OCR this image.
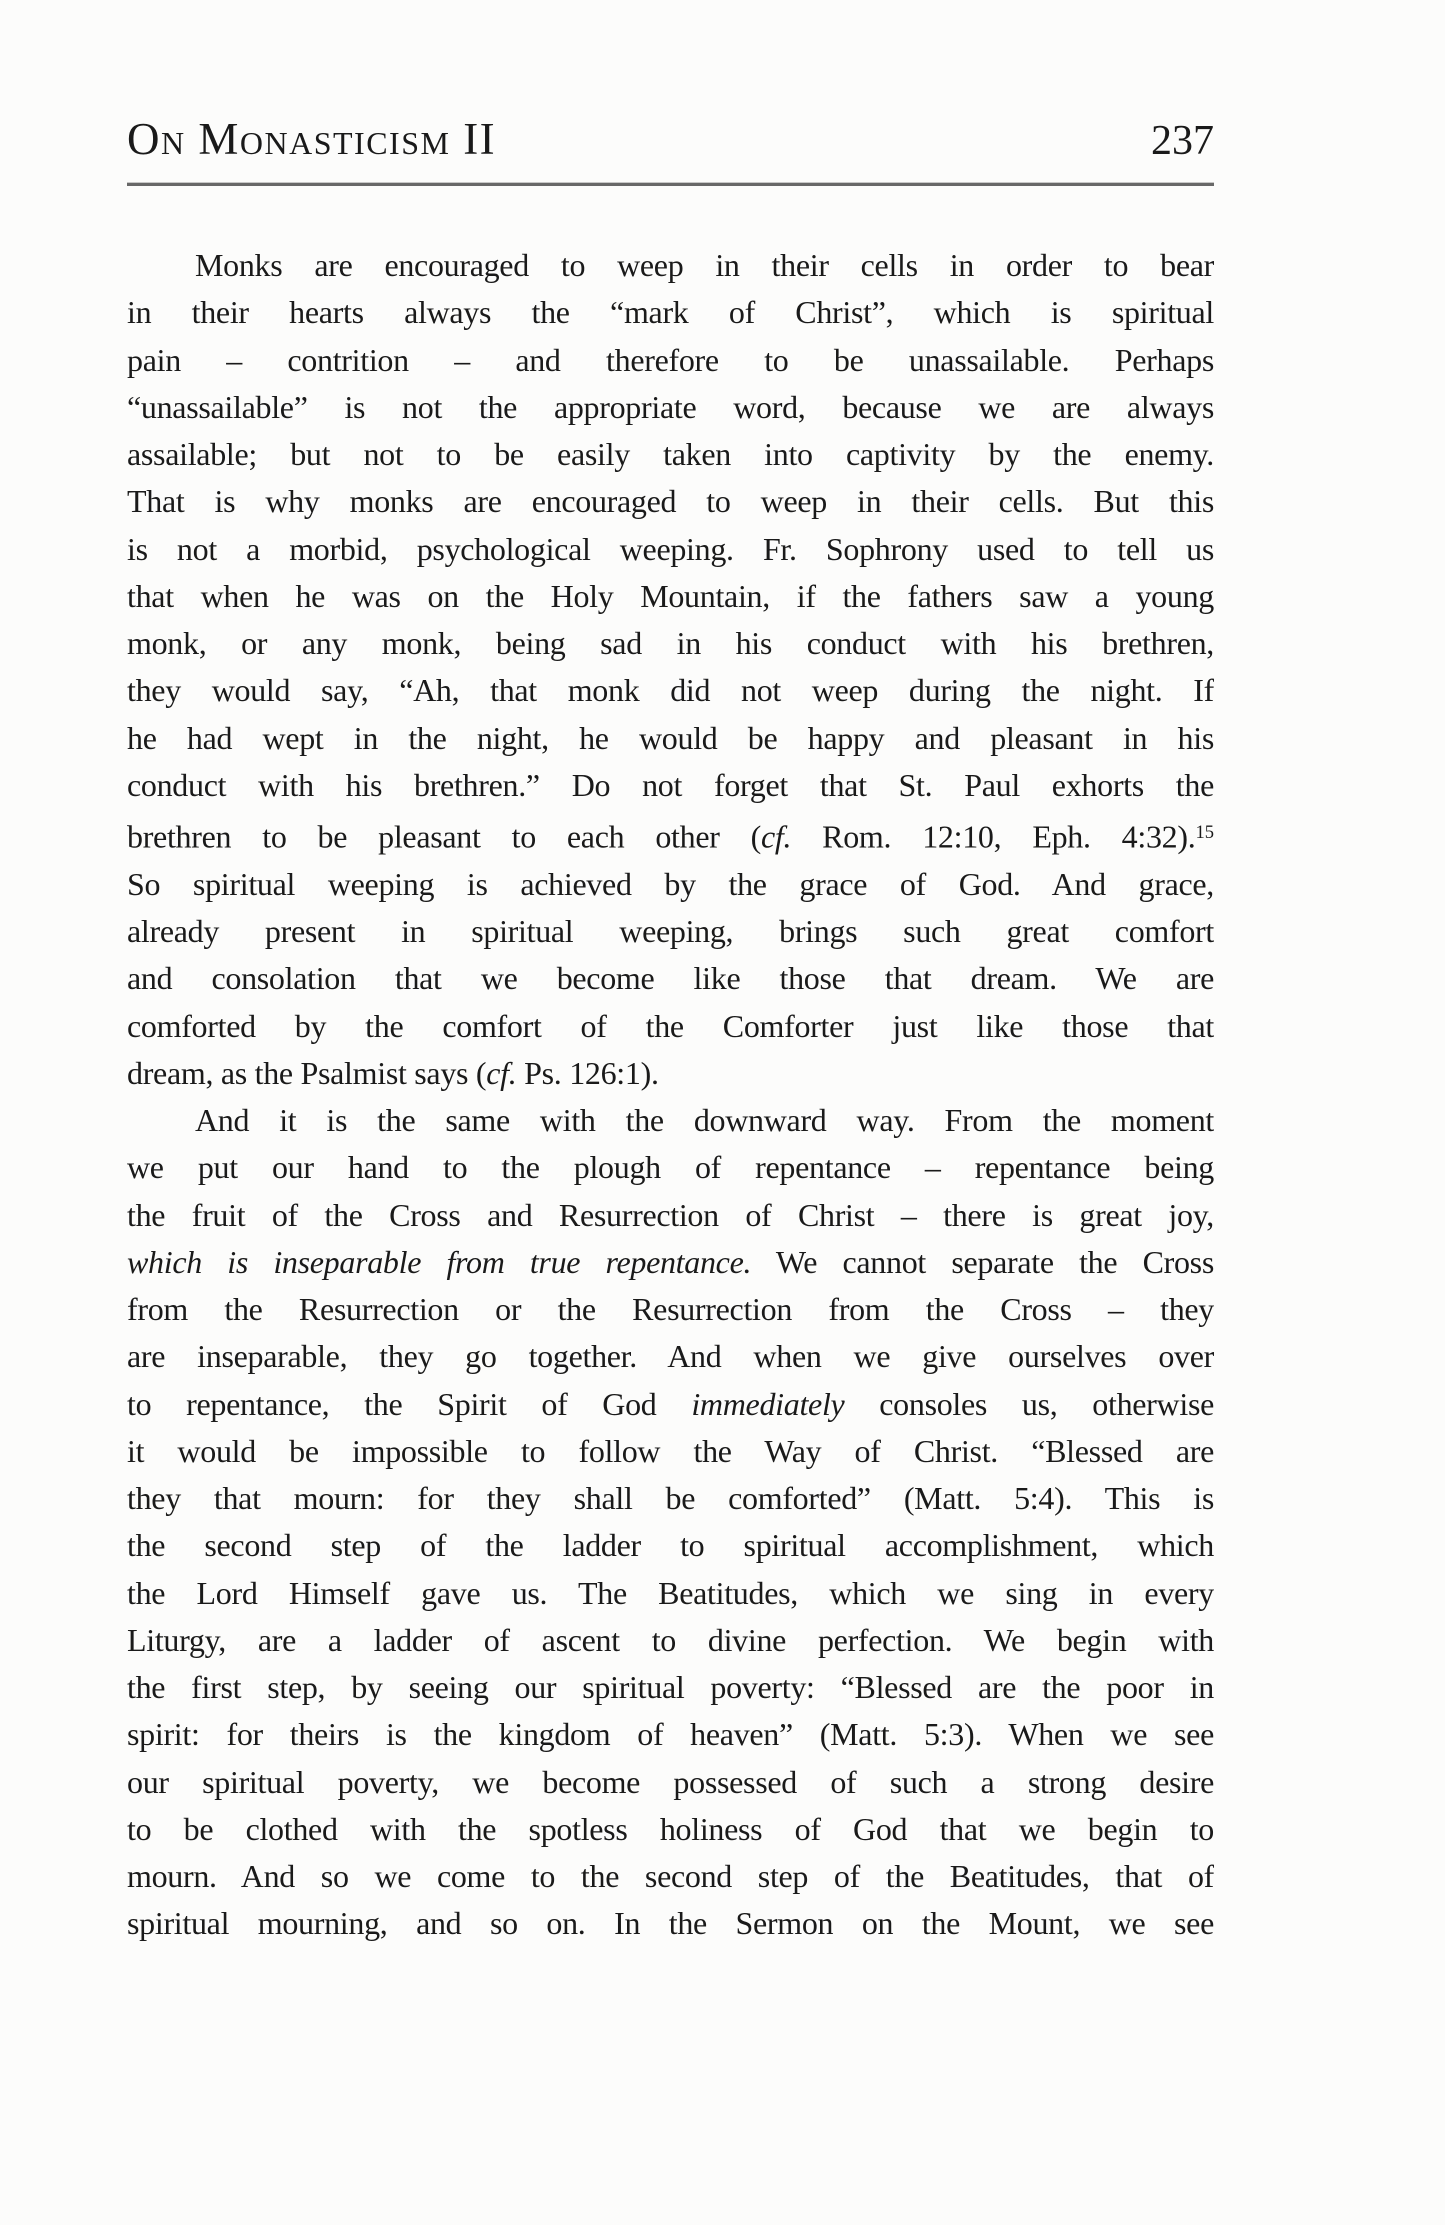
On Monasticism II	237
Monks are encouraged to weep in their cells in order to bear
in their hearts always the “mark of Christ”, which is spiritual
pain – contrition – and therefore to be unassailable. Perhaps
“unassailable” is not the appropriate word, because we are always
assailable; but not to be easily taken into captivity by the enemy.
That is why monks are encouraged to weep in their cells. But this
is not a morbid, psychological weeping. Fr. Sophrony used to tell us
that when he was on the Holy Mountain, if the fathers saw a young
monk, or any monk, being sad in his conduct with his brethren,
they would say, “Ah, that monk did not weep during the night. If
he had wept in the night, he would be happy and pleasant in his
conduct with his brethren.” Do not forget that St. Paul exhorts the
brethren to be pleasant to each other (cf. Rom. 12:10, Eph. 4:32).$^{15}$
So spiritual weeping is achieved by the grace of God. And grace,
already present in spiritual weeping, brings such great comfort
and consolation that we become like those that dream. We are
comforted by the comfort of the Comforter just like those that
dream, as the Psalmist says (cf. Ps. 126:1).
And it is the same with the downward way. From the moment
we put our hand to the plough of repentance – repentance being
the fruit of the Cross and Resurrection of Christ – there is great joy,
which is inseparable from true repentance. We cannot separate the Cross
from the Resurrection or the Resurrection from the Cross – they
are inseparable, they go together. And when we give ourselves over
to repentance, the Spirit of God immediately consoles us, otherwise
it would be impossible to follow the Way of Christ. “Blessed are
they that mourn: for they shall be comforted” (Matt. 5:4). This is
the second step of the ladder to spiritual accomplishment, which
the Lord Himself gave us. The Beatitudes, which we sing in every
Liturgy, are a ladder of ascent to divine perfection. We begin with
the first step, by seeing our spiritual poverty: “Blessed are the poor in
spirit: for theirs is the kingdom of heaven” (Matt. 5:3). When we see
our spiritual poverty, we become possessed of such a strong desire
to be clothed with the spotless holiness of God that we begin to
mourn. And so we come to the second step of the Beatitudes, that of
spiritual mourning, and so on. In the Sermon on the Mount, we see
